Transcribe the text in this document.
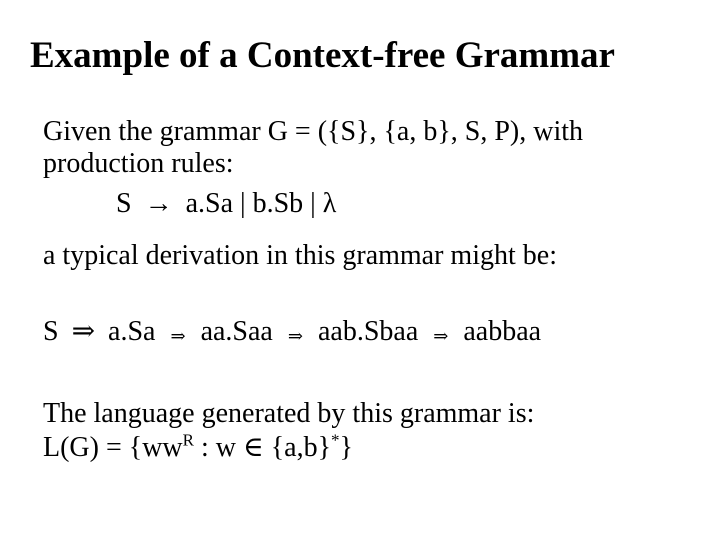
Example of a Context-free Grammar
Given the grammar G = ({S}, {a, b}, S, P), with
production rules:
S → a.Sa | b.Sb | λ
a typical derivation in this grammar might be:
S ⇒ a.Sa ⇒ aa.Saa ⇒ aab.Sbaa ⇒ aabbaa
The language generated by this grammar is:
$L(G) = \{ww^R$ : w ∈ {a,b}*}
